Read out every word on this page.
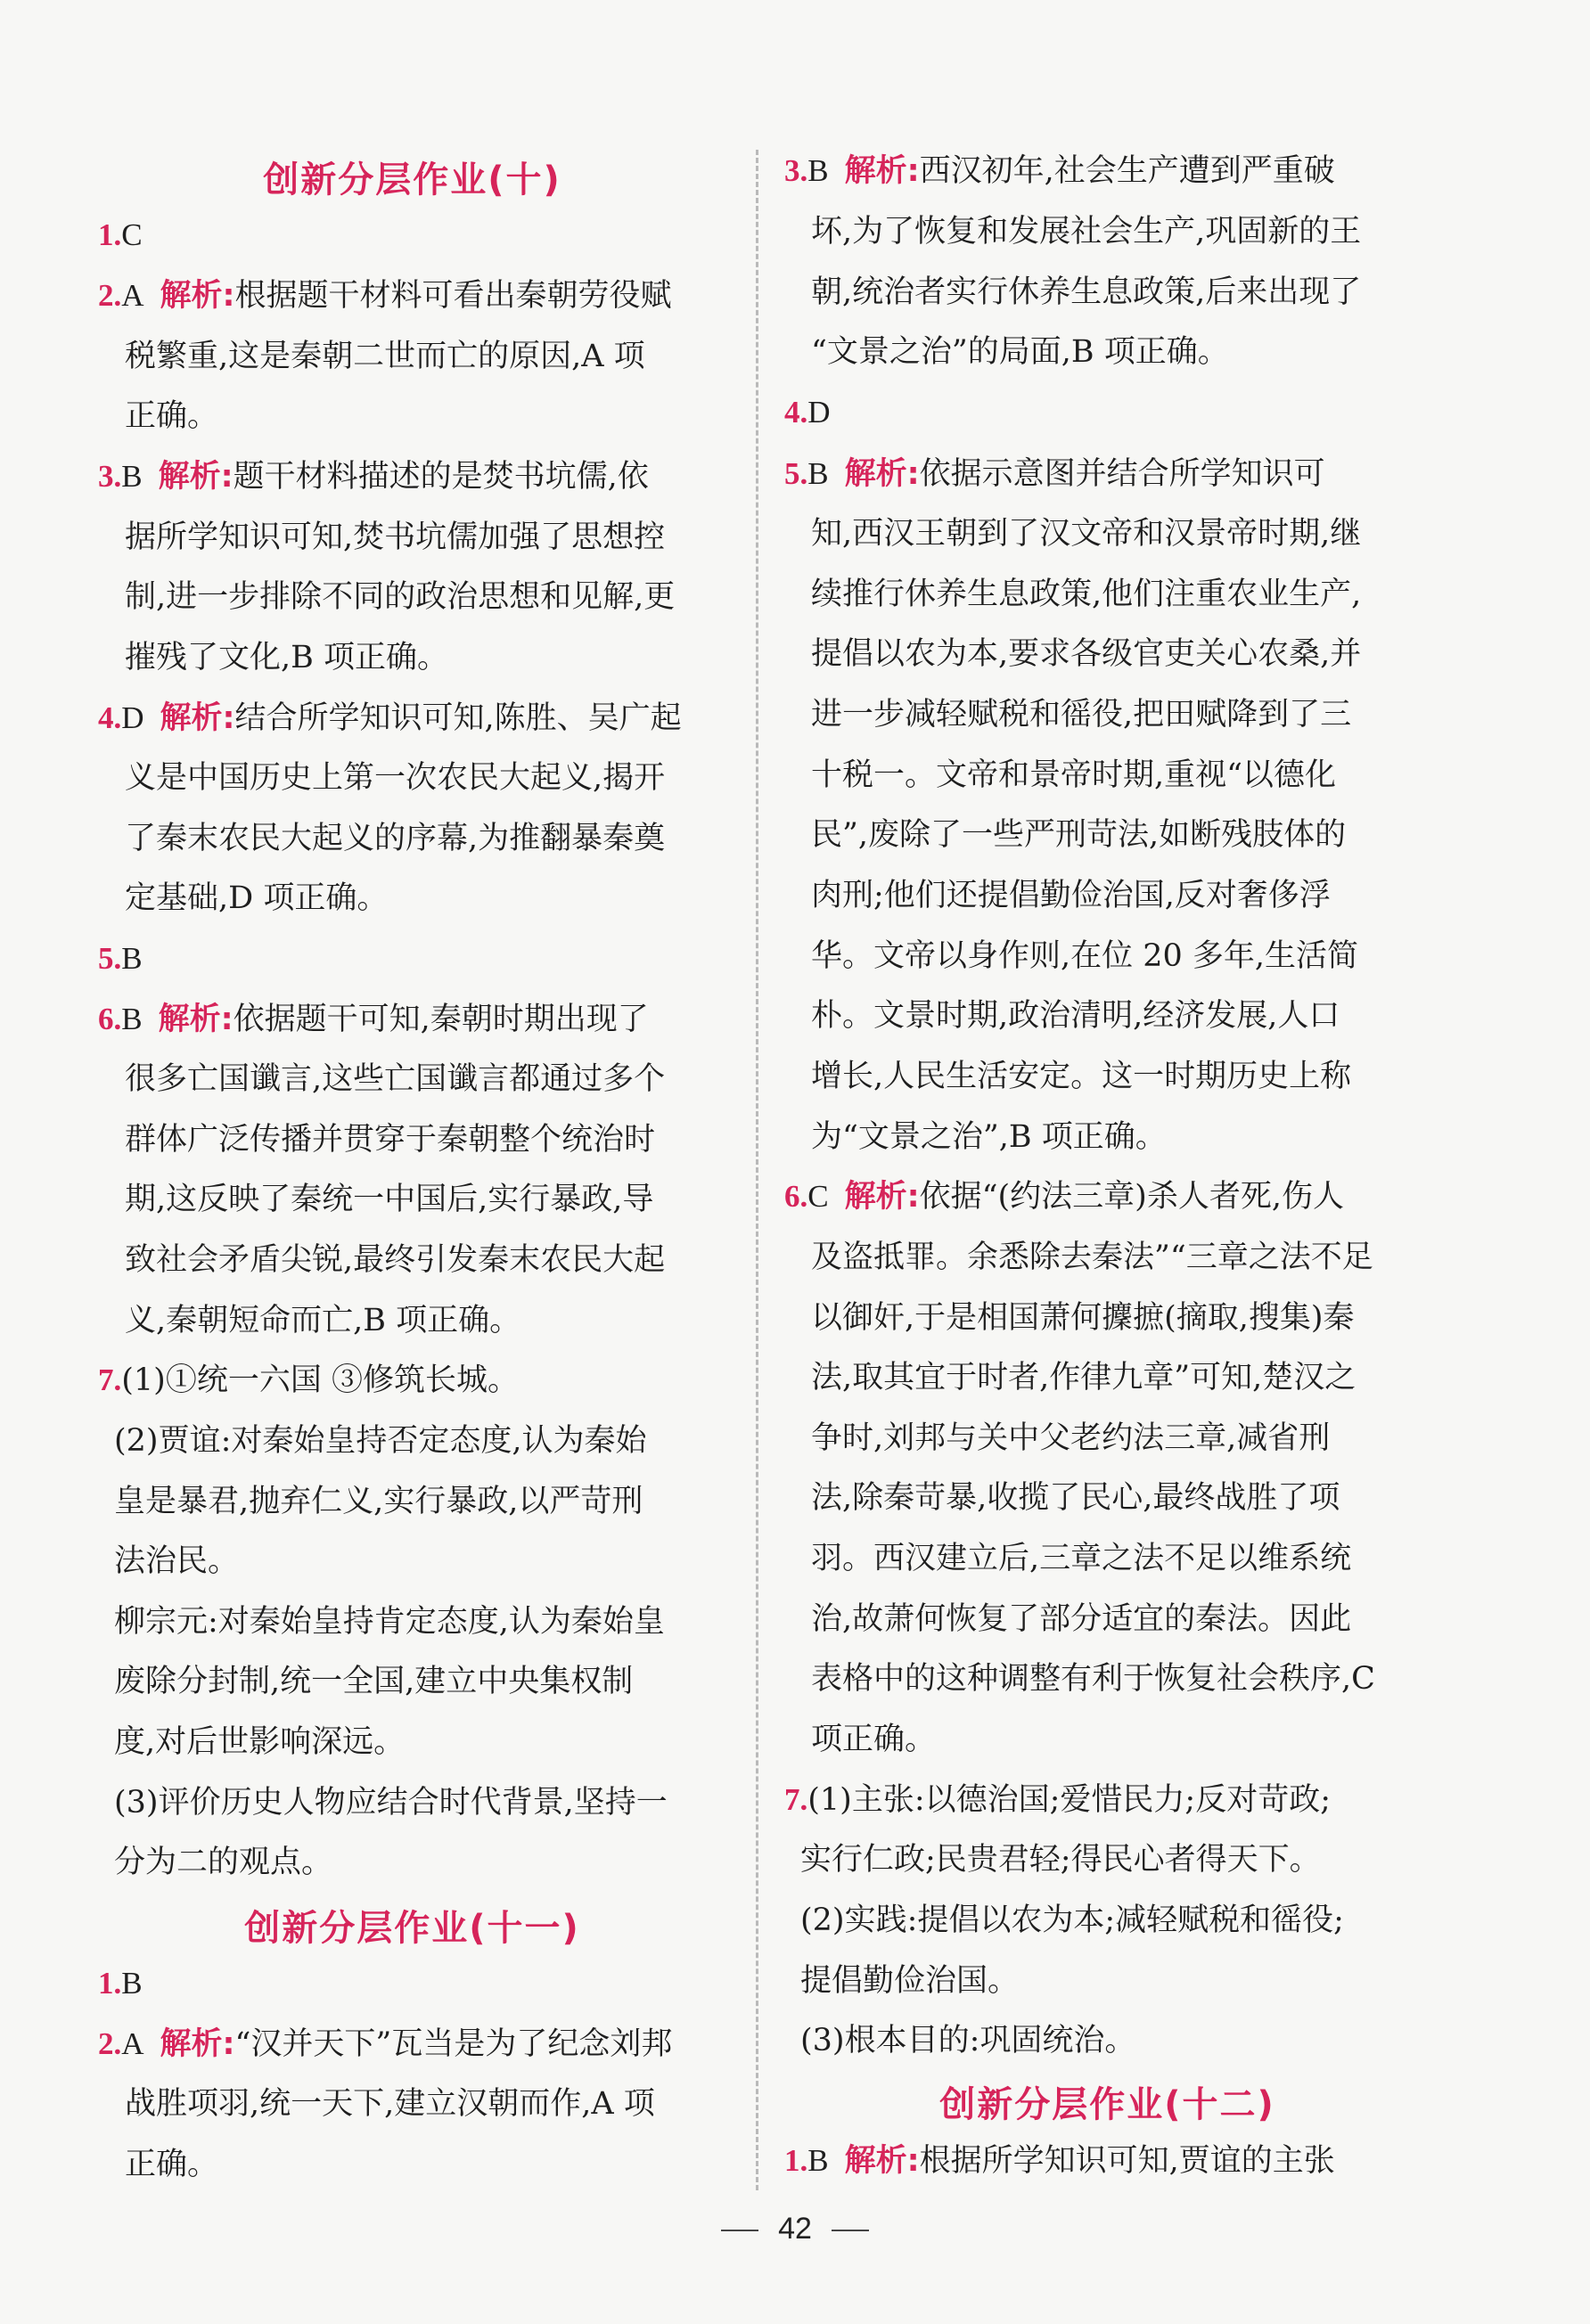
创新分层作业(十)
1.C
2.A 解析:根据题干材料可看出秦朝劳役赋
税繁重,这是秦朝二世而亡的原因,A 项
正确。
3.B 解析:题干材料描述的是焚书坑儒,依
据所学知识可知,焚书坑儒加强了思想控
制,进一步排除不同的政治思想和见解,更
摧残了文化,B 项正确。
4.D 解析:结合所学知识可知,陈胜、吴广起
义是中国历史上第一次农民大起义,揭开
了秦末农民大起义的序幕,为推翻暴秦奠
定基础,D 项正确。
5.B
6.B 解析:依据题干可知,秦朝时期出现了
很多亡国谶言,这些亡国谶言都通过多个
群体广泛传播并贯穿于秦朝整个统治时
期,这反映了秦统一中国后,实行暴政,导
致社会矛盾尖锐,最终引发秦末农民大起
义,秦朝短命而亡,B 项正确。
7.(1)①统一六国 ③修筑长城。
(2)贾谊:对秦始皇持否定态度,认为秦始
皇是暴君,抛弃仁义,实行暴政,以严苛刑
法治民。
柳宗元:对秦始皇持肯定态度,认为秦始皇
废除分封制,统一全国,建立中央集权制
度,对后世影响深远。
(3)评价历史人物应结合时代背景,坚持一
分为二的观点。
创新分层作业(十一)
1.B
2.A 解析:“汉并天下”瓦当是为了纪念刘邦
战胜项羽,统一天下,建立汉朝而作,A 项
正确。
3.B 解析:西汉初年,社会生产遭到严重破
坏,为了恢复和发展社会生产,巩固新的王
朝,统治者实行休养生息政策,后来出现了
“文景之治”的局面,B 项正确。
4.D
5.B 解析:依据示意图并结合所学知识可
知,西汉王朝到了汉文帝和汉景帝时期,继
续推行休养生息政策,他们注重农业生产,
提倡以农为本,要求各级官吏关心农桑,并
进一步减轻赋税和徭役,把田赋降到了三
十税一。文帝和景帝时期,重视“以德化
民”,废除了一些严刑苛法,如断残肢体的
肉刑;他们还提倡勤俭治国,反对奢侈浮
华。文帝以身作则,在位 20 多年,生活简
朴。文景时期,政治清明,经济发展,人口
增长,人民生活安定。这一时期历史上称
为“文景之治”,B 项正确。
6.C 解析:依据“(约法三章)杀人者死,伤人
及盗抵罪。余悉除去秦法”“三章之法不足
以御奸,于是相国萧何攈摭(摘取,搜集)秦
法,取其宜于时者,作律九章”可知,楚汉之
争时,刘邦与关中父老约法三章,减省刑
法,除秦苛暴,收揽了民心,最终战胜了项
羽。西汉建立后,三章之法不足以维系统
治,故萧何恢复了部分适宜的秦法。因此
表格中的这种调整有利于恢复社会秩序,C
项正确。
7.(1)主张:以德治国;爱惜民力;反对苛政;
实行仁政;民贵君轻;得民心者得天下。
(2)实践:提倡以农为本;减轻赋税和徭役;
提倡勤俭治国。
(3)根本目的:巩固统治。
创新分层作业(十二)
1.B 解析:根据所学知识可知,贾谊的主张
42
